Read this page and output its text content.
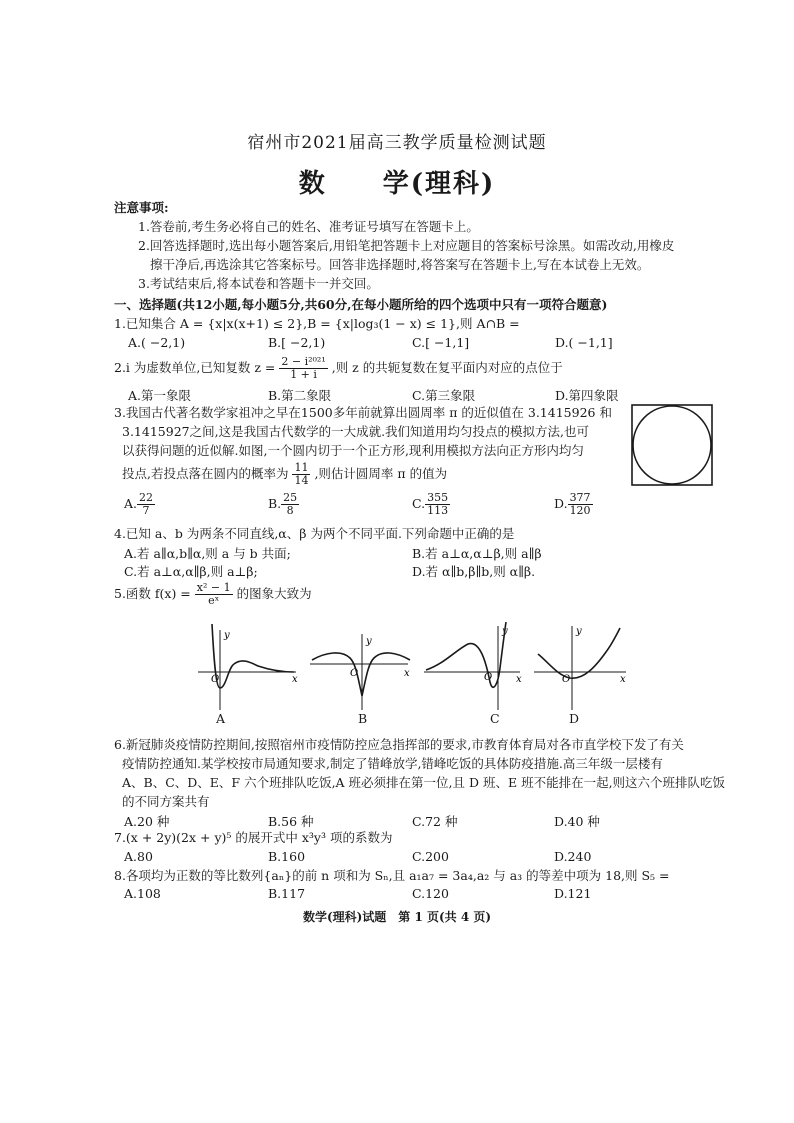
宿州市2021届高三教学质量检测试题
数　　学(理科)
注意事项:
1.答卷前,考生务必将自己的姓名、准考证号填写在答题卡上。
2.回答选择题时,选出每小题答案后,用铅笔把答题卡上对应题目的答案标号涂黑。如需改动,用橡皮
擦干净后,再选涂其它答案标号。回答非选择题时,将答案写在答题卡上,写在本试卷上无效。
3.考试结束后,将本试卷和答题卡一并交回。
一、选择题(共12小题,每小题5分,共60分,在每小题所给的四个选项中只有一项符合题意)
1.已知集合 A = {x|x(x+1) ≤ 2},B = {x|log₃(1 − x) ≤ 1},则 A∩B =
A.( −2,1)	B.[ −2,1)	C.[ −1,1]	D.( −1,1]
2.i 为虚数单位,已知复数 $z = \frac{\text{2 − i²⁰²¹}}{1 + i}$ ,则 z 的共轭复数在复平面内对应的点位于
A.第一象限	B.第二象限	C.第三象限	D.第四象限
3.我国古代著名数学家祖冲之早在1500多年前就算出圆周率 π 的近似值在 3.1415926 和
3.1415927之间,这是我国古代数学的一大成就.我们知道用均匀投点的模拟方法,也可
以获得问题的近似解.如图,一个圆内切于一个正方形,现利用模拟方法向正方形内均匀
投点,若投点落在圆内的概率为 $\frac{11}{14}$ ,则估计圆周率 π 的值为
A. $\frac{22}{7}$	B. $\frac{25}{8}$	C. $\frac{355}{113}$	D. $\frac{377}{120}$
4.已知 a、b 为两条不同直线,α、β 为两个不同平面.下列命题中正确的是
A.若 a∥α,b∥α,则 a 与 b 共面;	B.若 a⊥α,α⊥β,则 a∥β
C.若 a⊥α,α∥β,则 a⊥β;	D.若 α∥b,β∥b,则 α∥β.
5.函数 $f(x) = \frac{\text{x² − 1}}{\text{eˣ}}$ 的图象大致为
y
x
O
y
x
O
y
x
O
y
x
O
A	B	C	D
6.新冠肺炎疫情防控期间,按照宿州市疫情防控应急指挥部的要求,市教育体育局对各市直学校下发了有关
疫情防控通知.某学校按市局通知要求,制定了错峰放学,错峰吃饭的具体防疫措施.高三年级一层楼有
A、B、C、D、E、F 六个班排队吃饭,A 班必须排在第一位,且 D 班、E 班不能排在一起,则这六个班排队吃饭
的不同方案共有
A.20 种	B.56 种	C.72 种	D.40 种
7.(x + 2y)(2x + y)⁵ 的展开式中 x³y³ 项的系数为
A.80	B.160	C.200	D.240
8.各项均为正数的等比数列{aₙ}的前 n 项和为 Sₙ,且 a₁a₇ = 3a₄,a₂ 与 a₃ 的等差中项为 18,则 S₅ =
A.108	B.117	C.120	D.121
数学(理科)试题　第 1 页(共 4 页)
